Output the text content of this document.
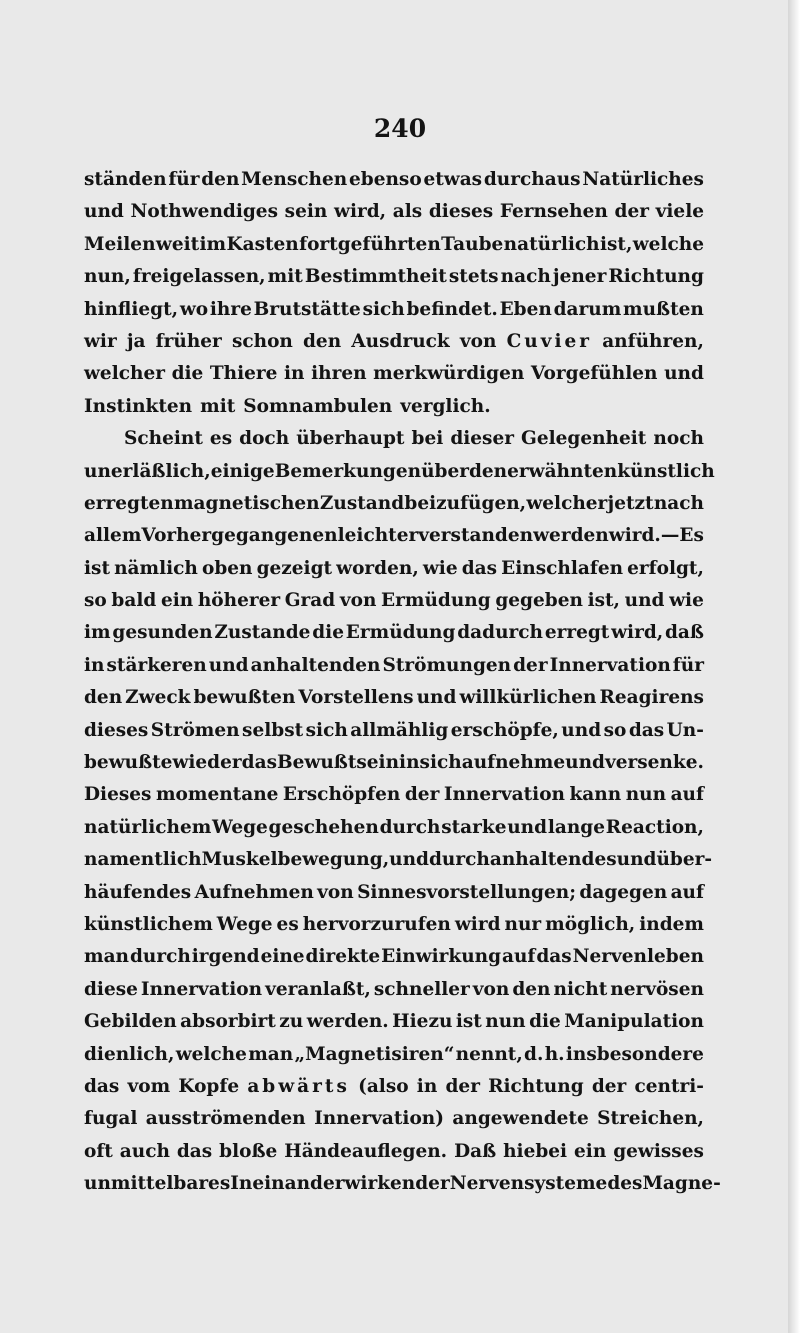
240
ständen für den Menschen ebenso etwas durchaus Natürliches
und Nothwendiges sein wird, als dieses Fernsehen der viele
Meilen weit im Kasten fortgeführten Taube natürlich ist, welche
nun, freigelassen, mit Bestimmtheit stets nach jener Richtung
hinfliegt, wo ihre Brutstätte sich befindet. Eben darum mußten
wir ja früher schon den Ausdruck von Cuvier anführen,
welcher die Thiere in ihren merkwürdigen Vorgefühlen und
Instinkten mit Somnambulen verglich.
Scheint es doch überhaupt bei dieser Gelegenheit noch
unerläßlich, einige Bemerkungen über den erwähnten künstlich
erregten magnetischen Zustand beizufügen, welcher jetzt nach
allem Vorhergegangenen leichter verstanden werden wird. — Es
ist nämlich oben gezeigt worden, wie das Einschlafen erfolgt,
so bald ein höherer Grad von Ermüdung gegeben ist, und wie
im gesunden Zustande die Ermüdung dadurch erregt wird, daß
in stärkeren und anhaltenden Strömungen der Innervation für
den Zweck bewußten Vorstellens und willkürlichen Reagirens
dieses Strömen selbst sich allmählig erschöpfe, und so das Un-
bewußte wieder das Bewußtsein in sich aufnehme und versenke.
Dieses momentane Erschöpfen der Innervation kann nun auf
natürlichem Wege geschehen durch starke und lange Reaction,
namentlich Muskelbewegung, und durch anhaltendes und über-
häufendes Aufnehmen von Sinnesvorstellungen; dagegen auf
künstlichem Wege es hervorzurufen wird nur möglich, indem
man durch irgend eine direkte Einwirkung auf das Nervenleben
diese Innervation veranlaßt, schneller von den nicht nervösen
Gebilden absorbirt zu werden. Hiezu ist nun die Manipulation
dienlich, welche man „Magnetisiren“ nennt, d. h. insbesondere
das vom Kopfe abwärts (also in der Richtung der centri-
fugal ausströmenden Innervation) angewendete Streichen,
oft auch das bloße Händeauflegen. Daß hiebei ein gewisses
unmittelbares Ineinanderwirken der Nervensysteme des Magne-
